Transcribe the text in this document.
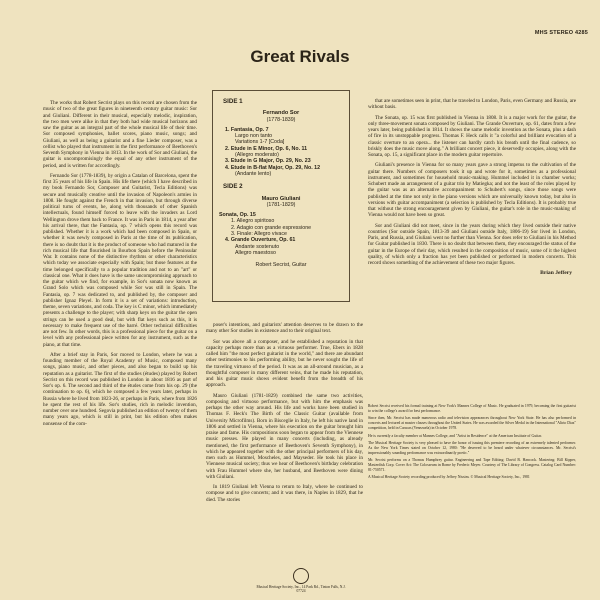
MHS STEREO 4285
Great Rivals

The works that Robert Secrist plays on this record are chosen from the music of two of the great figures in nineteenth century guitar music: Sor and Giuliani. Different in their musical, especially melodic, inspiration, the two men were alike in that they both had wide musical horizons and saw the guitar as an integral part of the whole musical life of their time. Sor composed symphonies, ballet scores, piano music, songs; and Giuliani, as well as being a guitarist and a fine Lieder composer, was a cellist who played that instrument in the first performance of Beethoven's Seventh Symphony in Vienna in 1813. In the work of Sor and Giuliani, the guitar is uncompromisingly the equal of any other instrument of the period, and is written for accordingly.

Fernando Sor (1778-1839), by origin a Catalan of Barcelona, spent the first 35 years of his life in Spain. His life there (which I have described in my book Fernando Sor, Composer and Guitarist, Tecla Editions) was secure and musically creative until the invasion of Napoleon's armies in 1808. He fought against the French in that invasion, but through diverse political turns of events, he, along with thousands of other Spanish intellectuals, found himself forced to leave with the invaders as Lord Wellington drove them back to France. It was in Paris in 1814, a year after his arrival there, that the Fantasia, op. 7 which opens this record was published. Whether it is a work which had been composed in Spain, or whether it was newly composed in Paris at the time of its publication, there is no doubt that it is the product of someone who had matured in the rich musical life that flourished in Bourbon Spain before the Peninsular War. It contains none of the distinctive rhythms or other characteristics which today we associate especially with Spain; but those features at the time belonged specifically to a popular tradition and not to an "art" or classical one. What it does have is the same uncompromising approach to the guitar which we find, for example, in Sor's sonata now known as Grand Solo which was composed while Sor was still in Spain. The Fantasia, op. 7 was dedicated to, and published by, the composer and publisher Ignaz Pleyel. In form it is a set of variations: introduction, theme, seven variations, and coda. The key is C minor, which immediately presents a challenge to the player; with sharp keys on the guitar the open strings can be used a good deal, but with flat keys such as this, it is necessary to make frequent use of the barré. Other technical difficulties are not few. In other words, this is a professional piece for the guitar on a level with any professional piece written for any instrument, such as the piano, at that time.

After a brief stay in Paris, Sor moved to London, where he was a founding member of the Royal Academy of Music, composed many songs, piano music, and other pieces, and also began to build up his reputation as a guitarist. The first of the studies (études) played by Robert Secrist on this record was published in London in about 1816 as part of Sor's op. 6. The second and third of the études come from his op. 29 (the continuation to op. 6), which he composed a few years later, perhaps in Russia where he lived from 1823-26, or perhaps in Paris, where from 1826 he spent the rest of his life. Sor's studies, rich in melodic invention, number over one hundred. Segovia published an edition of twenty of them many years ago, which is still in print, but his edition often makes nonsense of the com-

SIDE 1
Fernando Sor
(1778-1839)
1. Fantasia, Op. 7
Largo non tanto
Variations 1-7 [Coda]
2. Etude in E Minor, Op. 6, No. 11
(Allegro moderato)
3. Etude in G Major, Op. 29, No. 23
4. Etude in B-flat Major, Op. 29, No. 12
(Andante lento)
SIDE 2
Mauro Giuliani
(1781-1829)
Sonata, Op. 15
1. Allegro spiritoso
2. Adagio con grande espressione
3. Finale: Allegro vivace
4. Grande Ouverture, Op. 61
Andante sostenuto
Allegro maestoso
Robert Secrist, Guitar

poser's intentions, and guitarists' attention deserves to be drawn to the many other Sor studies in existence and to their original text.

Sor was above all a composer, and he established a reputation in that capacity perhaps more than as a virtuoso performer. True, Ebers in 1828 called him "the most perfect guitarist in the world," and there are abundant other testimonies to his performing ability, but he never sought the life of the traveling virtuoso of the period. It was as an all-around musician, as a thoughtful composer in many different veins, that he made his reputation, and his guitar music shows evident benefit from the breadth of his approach.

Mauro Giuliani (1781-1829) combined the same two activities, composing and virtuoso performance, but with him the emphasis was perhaps the other way around. His life and works have been studied in Thomas F. Heck's The Birth of the Classic Guitar (available from University Microfilms). Born in Bisceglie in Italy, he left his native land in 1806 and settled in Vienna, where his execution on the guitar brought him praise and fame. His compositions soon began to appear from the Viennese music presses. He played in many concerts (including, as already mentioned, the first performance of Beethoven's Seventh Symphony), in which he appeared together with the other principal performers of his day, men such as Hummel, Moscheles, and Mayseder. He took his place in Viennese musical society; thus we hear of Beethoven's birthday celebration with Frau Hummel where she, her husband, and Beethoven were dining with Giuliani.

In 1819 Giuliani left Vienna to return to Italy, where he continued to compose and to give concerts; and it was there, in Naples in 1829, that he died. The stories

that are sometimes seen in print, that he traveled to London, Paris, even Germany and Russia, are without basis.

The Sonata, op. 15 was first published in Vienna in 1808. It is a major work for the guitar, the only three-movement sonata composed by Giuliani. The Grande Ouverture, op. 61, dates from a few years later, being published in 1814. It shows the same melodic invention as the Sonata, plus a dash of fire in its unstoppable progress. Thomas F. Heck calls it "a colorful and brilliant evocation of a classic overture to an opera... the listener can hardly catch his breath until the final cadence, so briskly does the music move along." A brilliant concert piece, it deservedly occupies, along with the Sonata, op. 15, a significant place in the modern guitar repertoire.

Giuliani's presence in Vienna for so many years gave a strong impetus to the cultivation of the guitar there. Numbers of composers took it up and wrote for it, sometimes as a professional instrument, and sometimes for household music-making. Hummel included it in chamber works; Schubert made an arrangement of a guitar trio by Matiegka; and not the least of the roles played by the guitar was as an alternative accompaniment to Schubert's songs, since those songs were published at the time not only in the piano versions which are universally known today, but also in versions with guitar accompaniment (a selection is published by Tecla Editions). It is probably true that without the strong encouragement given by Giuliani, the guitar's role in the music-making of Vienna would not have been so great.

Sor and Giuliani did not meet, since in the years during which they lived outside their native countries (Sor outside Spain, 1813-39 and Giuliani outside Italy, 1806-19) Sor lived in London, Paris, and Russia, and Giuliani went no further than Vienna. Sor does refer to Giuliani in his Method for Guitar published in 1830. There is no doubt that between them, they encouraged the status of the guitar in the Europe of their day, which resulted in the composition of music, some of it the highest quality, of which only a fraction has yet been published or performed in modern concerts. This record shows something of the achievement of these two major figures.

Brian Jeffery

Robert Secrist received his formal training at New York's Mannes College of Music. He graduated in 1979, becoming the first guitarist to win the college's award for best performance.

Since then, Mr. Secrist has made numerous radio and television appearances throughout New York State. He has also performed in concerts and lectured at master classes throughout the United States. He was awarded the Silver Medal in the International "Alirio Diaz" competition, held in Caracas (Venezuela) in October 1978.

He is currently a faculty member at Mannes College, and "Artist in Residence" at the American Institute of Guitar.

The Musical Heritage Society is very pleased to have the honor of issuing this premiere recording of an extremely talented performer. As the New York Times stated on October 12, 1980: "He deserved to be heard under whatever circumstances. Mr. Secrist's impressionably sounding performance was extraordinarily poetic."

Mr. Secrist performs on a Thomas Humphrey guitar. Engineering and Tape Editing: David B. Hancock. Mastering: Bill Kipper, Masterdisk Corp. Cover Art: The Colosseum in Rome by Frederic Meyer. Courtesy of The Library of Congress. Catalog Card Number: 81-750571.

A Musical Heritage Society recording produced by Jeffrey Nissim. © Musical Heritage Society, Inc., 1981

Musical Heritage Society, Inc., 14 Park Rd., Tinton Falls, N.J. 07724
